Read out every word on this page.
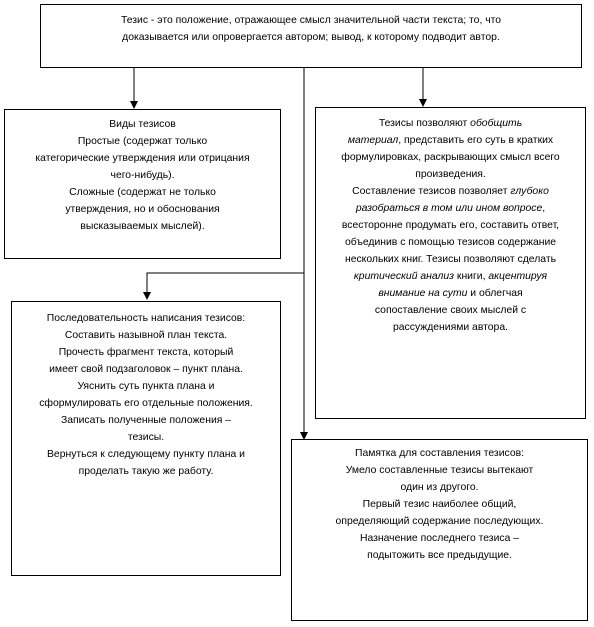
Тезис - это положение, отражающее смысл значительной части текста; то, что

доказывается или опровергается автором; вывод, к которому подводит автор.

Виды тезисов

Простые (содержат только

категорические утверждения или отрицания

чего-нибудь).

Сложные (содержат не только

утверждения, но и обоснования

высказываемых мыслей).

Тезисы позволяют обобщить

материал, представить его суть в кратких

формулировках, раскрывающих смысл всего

произведения.

Составление тезисов позволяет глубоко

разобраться в том или ином вопросе,

всесторонне продумать его, составить ответ,

объединив с помощью тезисов содержание

нескольких книг. Тезисы позволяют сделать

критический анализ книги, акцентируя

внимание на сути и облегчая

сопоставление своих мыслей с

рассуждениями автора.

Последовательность написания тезисов:

Составить назывной план текста.

Прочесть фрагмент текста, который

имеет свой подзаголовок – пункт плана.

Уяснить суть пункта плана и

сформулировать его отдельные положения.

Записать полученные положения –

тезисы.

Вернуться к следующему пункту плана и

проделать такую же работу.

Памятка для составления тезисов:

Умело составленные тезисы вытекают

один из другого.

Первый тезис наиболее общий,

определяющий содержание последующих.

Назначение последнего тезиса –

подытожить все предыдущие.
